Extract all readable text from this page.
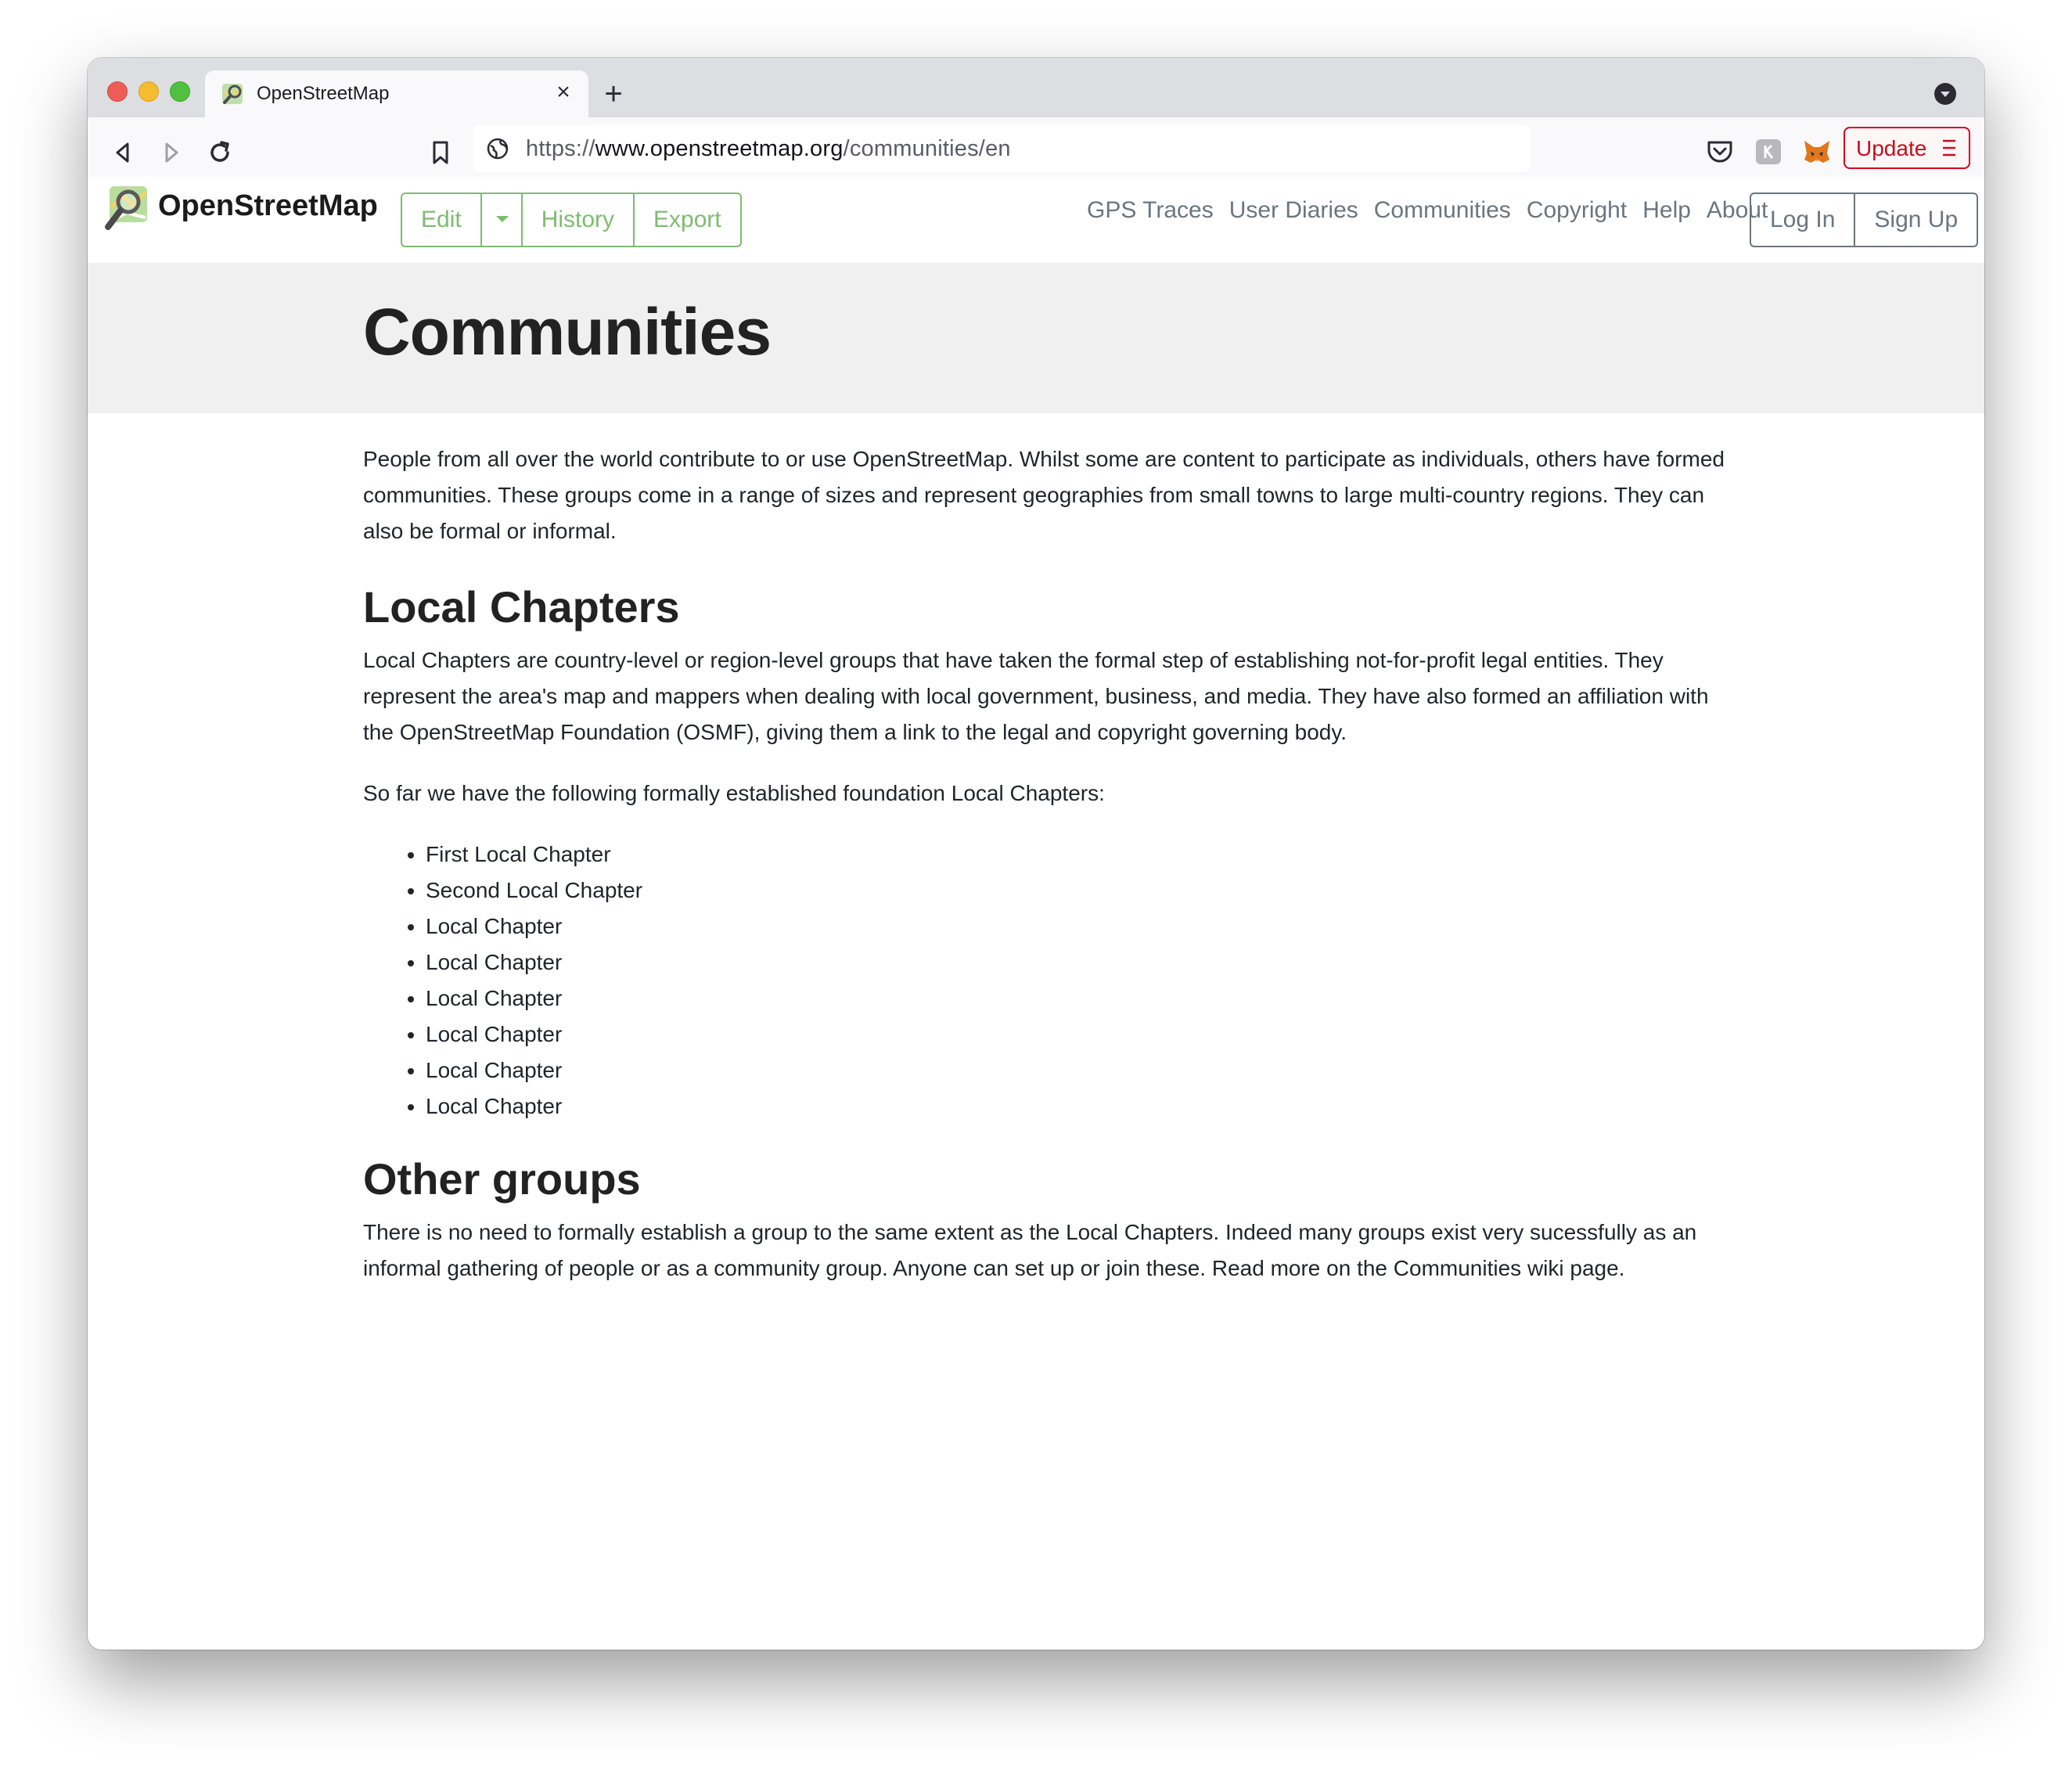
OpenStreetMap	× +
https://www.openstreetmap.org/communities/en	Update
OpenStreetMap	Edit	History	Export	GPS Traces User Diaries Communities Copyright Help About Log In	Sign Up
Communities

People from all over the world contribute to or use OpenStreetMap. Whilst some are content to participate as individuals, others have formed communities. These groups come in a range of sizes and represent geographies from small towns to large multi-country regions. They can also be formal or informal.

Local Chapters

Local Chapters are country-level or region-level groups that have taken the formal step of establishing not-for-profit legal entities. They represent the area's map and mappers when dealing with local government, business, and media. They have also formed an affiliation with the OpenStreetMap Foundation (OSMF), giving them a link to the legal and copyright governing body.

So far we have the following formally established foundation Local Chapters:

• First Local Chapter
• Second Local Chapter
• Local Chapter
• Local Chapter
• Local Chapter
• Local Chapter
• Local Chapter
• Local Chapter
Other groups

There is no need to formally establish a group to the same extent as the Local Chapters. Indeed many groups exist very sucessfully as an informal gathering of people or as a community group. Anyone can set up or join these. Read more on the Communities wiki page.
